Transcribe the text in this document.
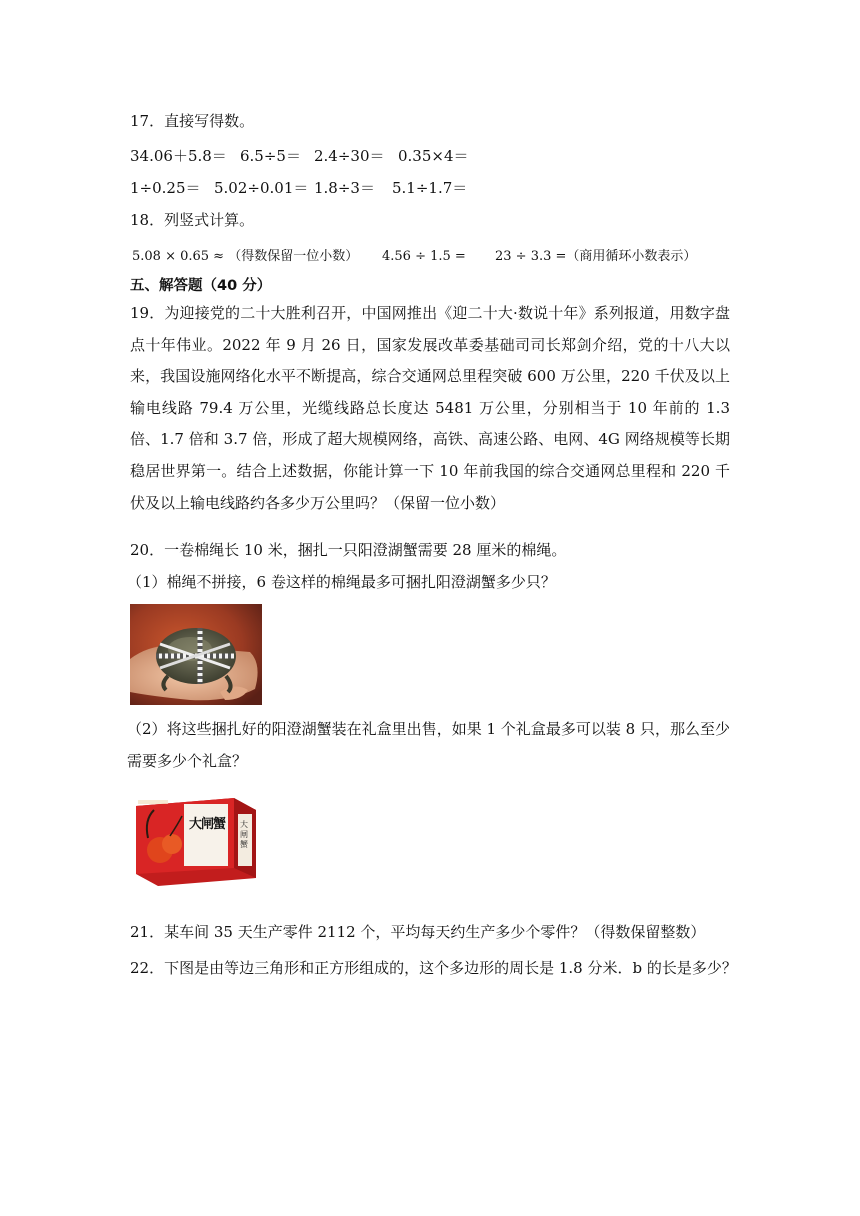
17．直接写得数。
34.06＋5.8＝ 6.5÷5＝ 2.4÷30＝ 0.35×4＝
1÷0.25＝ 5.02÷0.01＝ 1.8÷3＝ 5.1÷1.7＝
18．列竖式计算。
5.08 × 0.65 ≈ （得数保留一位小数） 4.56 ÷ 1.5 = 23 ÷ 3.3 =（商用循环小数表示）
五、解答题（40 分）
19．为迎接党的二十大胜利召开，中国网推出《迎二十大·数说十年》系列报道，用数字盘点十年伟业。2022 年 9 月 26 日，国家发展改革委基础司司长郑剑介绍，党的十八大以来，我国设施网络化水平不断提高，综合交通网总里程突破 600 万公里，220 千伏及以上输电线路 79.4 万公里，光缆线路总长度达 5481 万公里，分别相当于 10 年前的 1.3 倍、1.7 倍和 3.7 倍，形成了超大规模网络，高铁、高速公路、电网、4G 网络规模等长期稳居世界第一。结合上述数据，你能计算一下 10 年前我国的综合交通网总里程和 220 千伏及以上输电线路约各多少万公里吗？（保留一位小数）
20．一卷棉绳长 10 米，捆扎一只阳澄湖蟹需要 28 厘米的棉绳。
（1）棉绳不拼接，6 卷这样的棉绳最多可捆扎阳澄湖蟹多少只？
（2）将这些捆扎好的阳澄湖蟹装在礼盒里出售，如果 1 个礼盒最多可以装 8 只，那么至少需要多少个礼盒？
大闸蟹	大闸蟹
21．某车间 35 天生产零件 2112 个，平均每天约生产多少个零件？（得数保留整数）
22．下图是由等边三角形和正方形组成的，这个多边形的周长是 1.8 分米．b 的长是多少？
